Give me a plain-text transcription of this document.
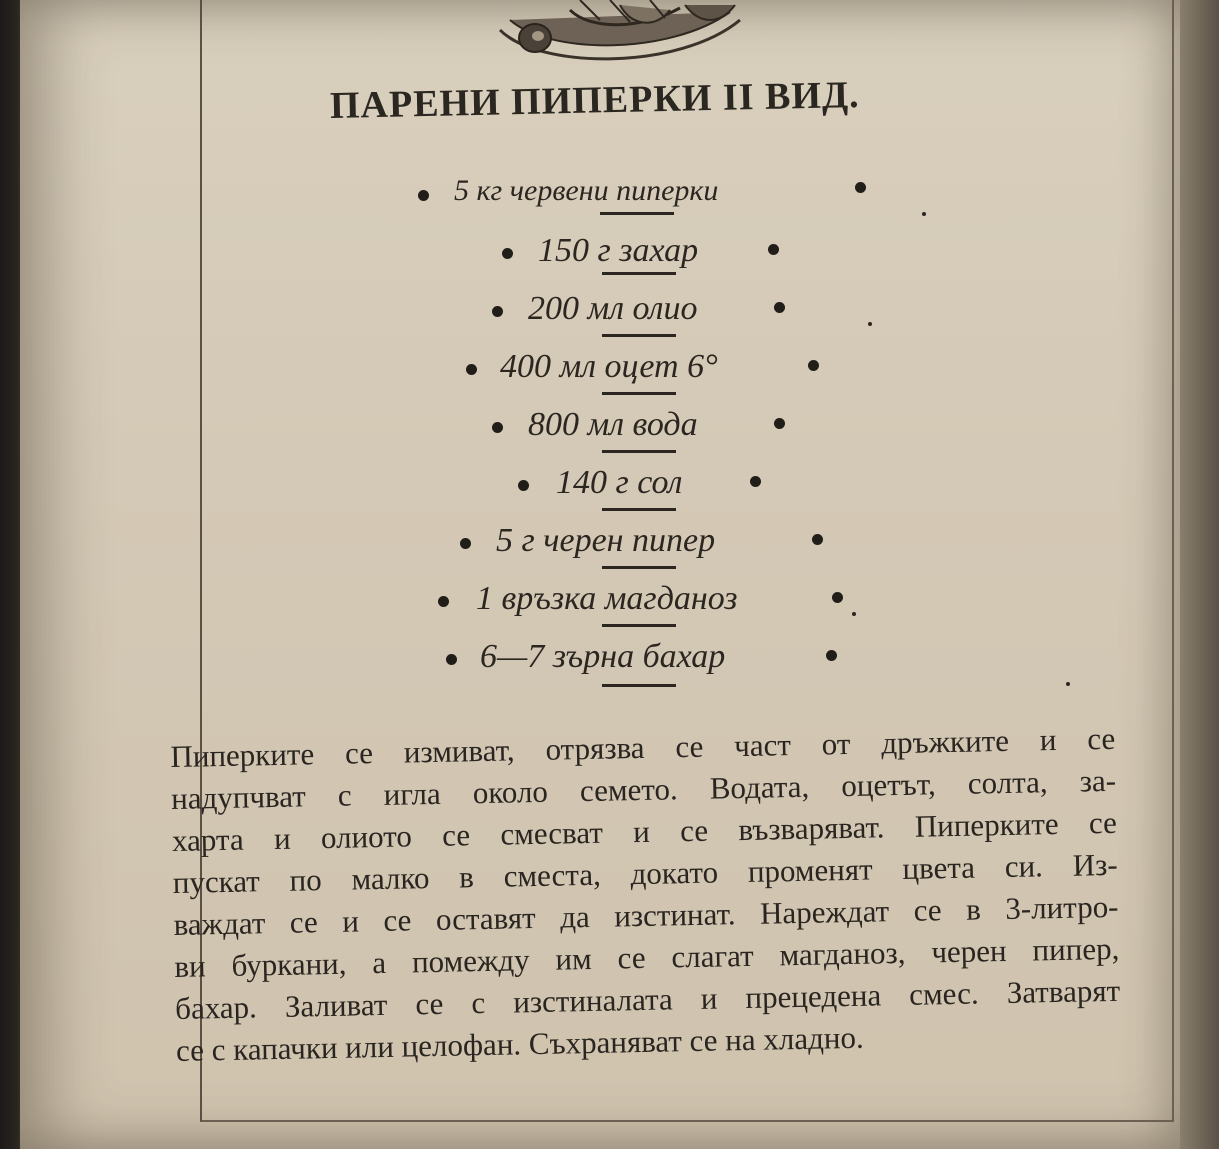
ПАРЕНИ ПИПЕРКИ II ВИД.
5 кг червени пиперки
150 г захар
200 мл олио
400 мл оцет 6°
800 мл вода
140 г сол
5 г черен пипер
1 връзка магданоз
6—7 зърна бахар
Пиперките се измиват, отрязва се част от дръжките и се
надупчват с игла около семето. Водата, оцетът, солта, за-
харта и олиото се смесват и се възваряват. Пиперките се
пускат по малко в сместа, докато променят цвета си. Из-
важдат се и се оставят да изстинат. Нареждат се в 3-литро-
ви буркани, а помежду им се слагат магданоз, черен пипер,
бахар. Заливат се с изстиналата и прецедена смес. Затварят
се с капачки или целофан. Съхраняват се на хладно.
